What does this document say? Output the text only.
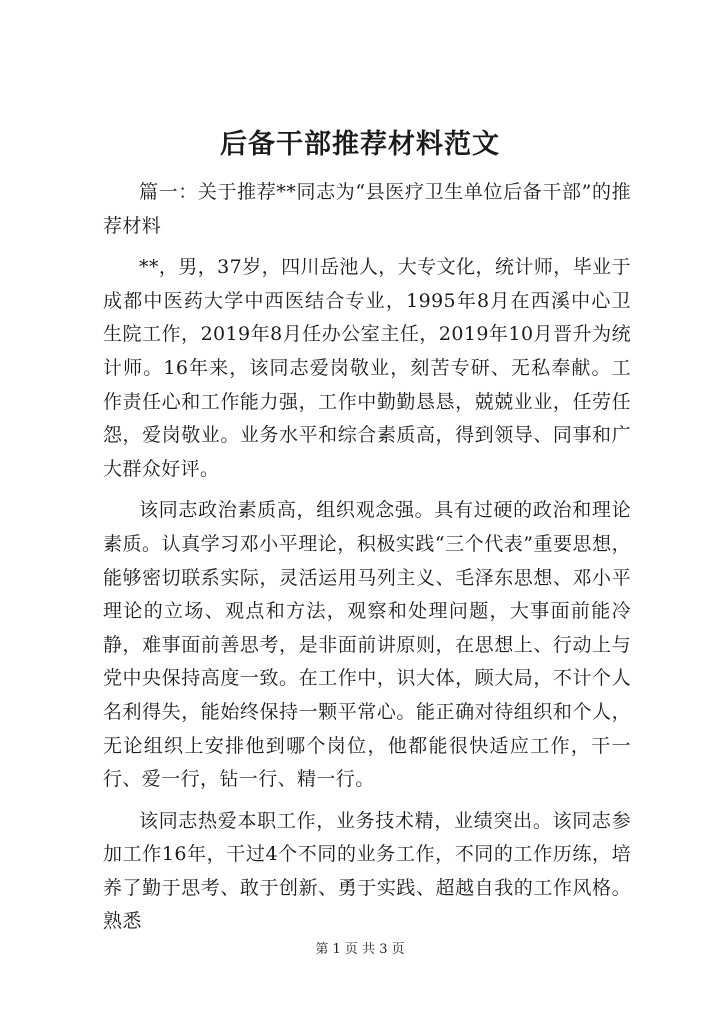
后备干部推荐材料范文

篇一：关于推荐**同志为“县医疗卫生单位后备干部”的推荐材料

**，男，37岁，四川岳池人，大专文化，统计师，毕业于成都中医药大学中西医结合专业，1995年8月在西溪中心卫生院工作，2019年8月任办公室主任，2019年10月晋升为统计师。16年来，该同志爱岗敬业，刻苦专研、无私奉献。工作责任心和工作能力强，工作中勤勤恳恳，兢兢业业，任劳任怨，爱岗敬业。业务水平和综合素质高，得到领导、同事和广大群众好评。

该同志政治素质高，组织观念强。具有过硬的政治和理论素质。认真学习邓小平理论，积极实践“三个代表”重要思想，能够密切联系实际，灵活运用马列主义、毛泽东思想、邓小平理论的立场、观点和方法，观察和处理问题，大事面前能冷静，难事面前善思考，是非面前讲原则，在思想上、行动上与党中央保持高度一致。在工作中，识大体，顾大局，不计个人名利得失，能始终保持一颗平常心。能正确对待组织和个人，无论组织上安排他到哪个岗位，他都能很快适应工作，干一行、爱一行，钻一行、精一行。

该同志热爱本职工作，业务技术精，业绩突出。该同志参加工作16年，干过4个不同的业务工作，不同的工作历练，培养了勤于思考、敢于创新、勇于实践、超越自我的工作风格。熟悉

第 1 页 共 3 页
